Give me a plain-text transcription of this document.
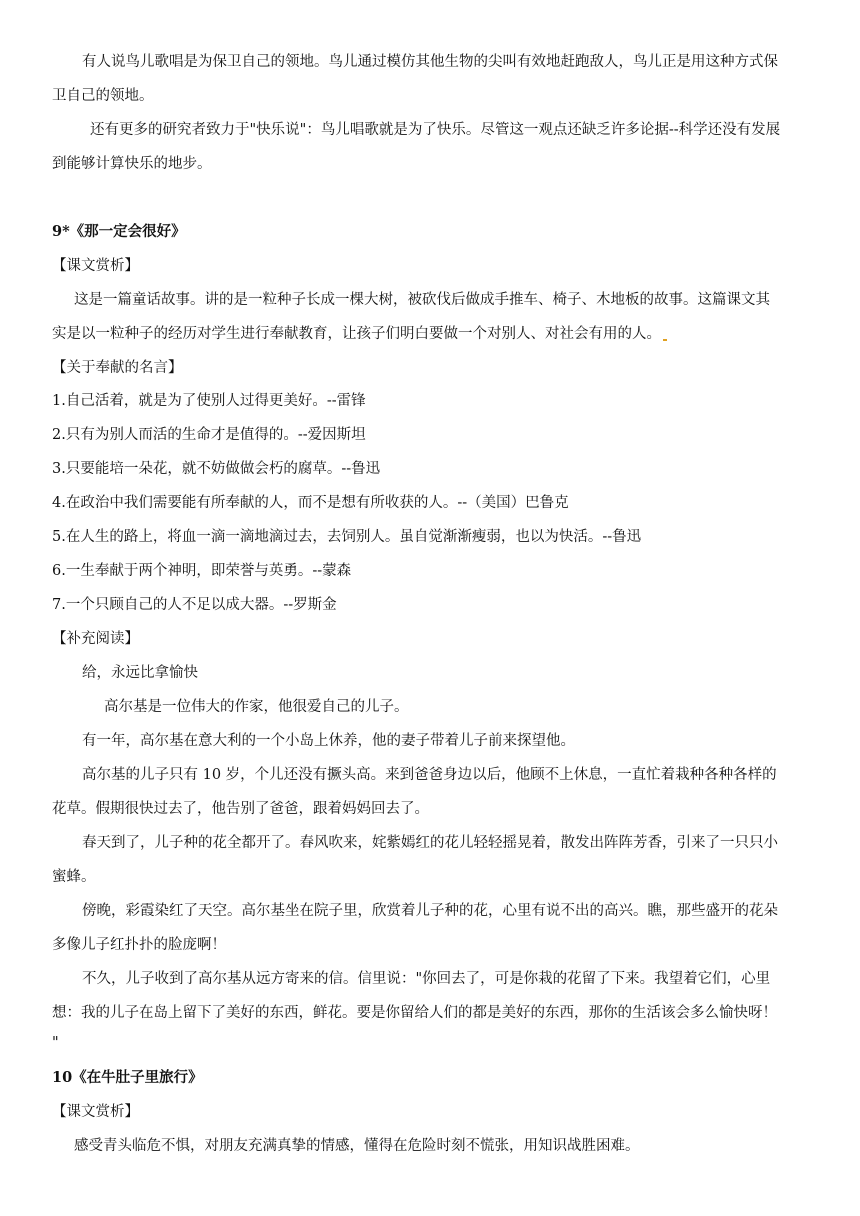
有人说鸟儿歌唱是为保卫自己的领地。鸟儿通过模仿其他生物的尖叫有效地赶跑敌人，鸟儿正是用这种方式保
卫自己的领地。
还有更多的研究者致力于"快乐说"：鸟儿唱歌就是为了快乐。尽管这一观点还缺乏许多论据--科学还没有发展
到能够计算快乐的地步。
9*《那一定会很好》
【课文赏析】
这是一篇童话故事。讲的是一粒种子长成一棵大树，被砍伐后做成手推车、椅子、木地板的故事。这篇课文其
实是以一粒种子的经历对学生进行奉献教育，让孩子们明白要做一个对别人、对社会有用的人。
【关于奉献的名言】
1.自己活着，就是为了使别人过得更美好。--雷锋
2.只有为别人而活的生命才是值得的。--爱因斯坦
3.只要能培一朵花，就不妨做做会朽的腐草。--鲁迅
4.在政治中我们需要能有所奉献的人，而不是想有所收获的人。--（美国）巴鲁克
5.在人生的路上，将血一滴一滴地滴过去，去饲别人。虽自觉渐渐瘦弱，也以为快活。--鲁迅
6.一生奉献于两个神明，即荣誉与英勇。--蒙森
7.一个只顾自己的人不足以成大器。--罗斯金
【补充阅读】
给，永远比拿愉快
高尔基是一位伟大的作家，他很爱自己的儿子。
有一年，高尔基在意大利的一个小岛上休养，他的妻子带着儿子前来探望他。
高尔基的儿子只有 10 岁，个儿还没有撅头高。来到爸爸身边以后，他顾不上休息，一直忙着栽种各种各样的
花草。假期很快过去了，他告别了爸爸，跟着妈妈回去了。
春天到了，儿子种的花全都开了。春风吹来，姹紫嫣红的花儿轻轻摇晃着，散发出阵阵芳香，引来了一只只小
蜜蜂。
傍晚，彩霞染红了天空。高尔基坐在院子里，欣赏着儿子种的花，心里有说不出的高兴。瞧，那些盛开的花朵
多像儿子红扑扑的脸庞啊！
不久，儿子收到了高尔基从远方寄来的信。信里说："你回去了，可是你栽的花留了下来。我望着它们，心里
想：我的儿子在岛上留下了美好的东西，鲜花。要是你留给人们的都是美好的东西，那你的生活该会多么愉快呀！
"
10《在牛肚子里旅行》
【课文赏析】
感受青头临危不惧，对朋友充满真挚的情感，懂得在危险时刻不慌张，用知识战胜困难。
